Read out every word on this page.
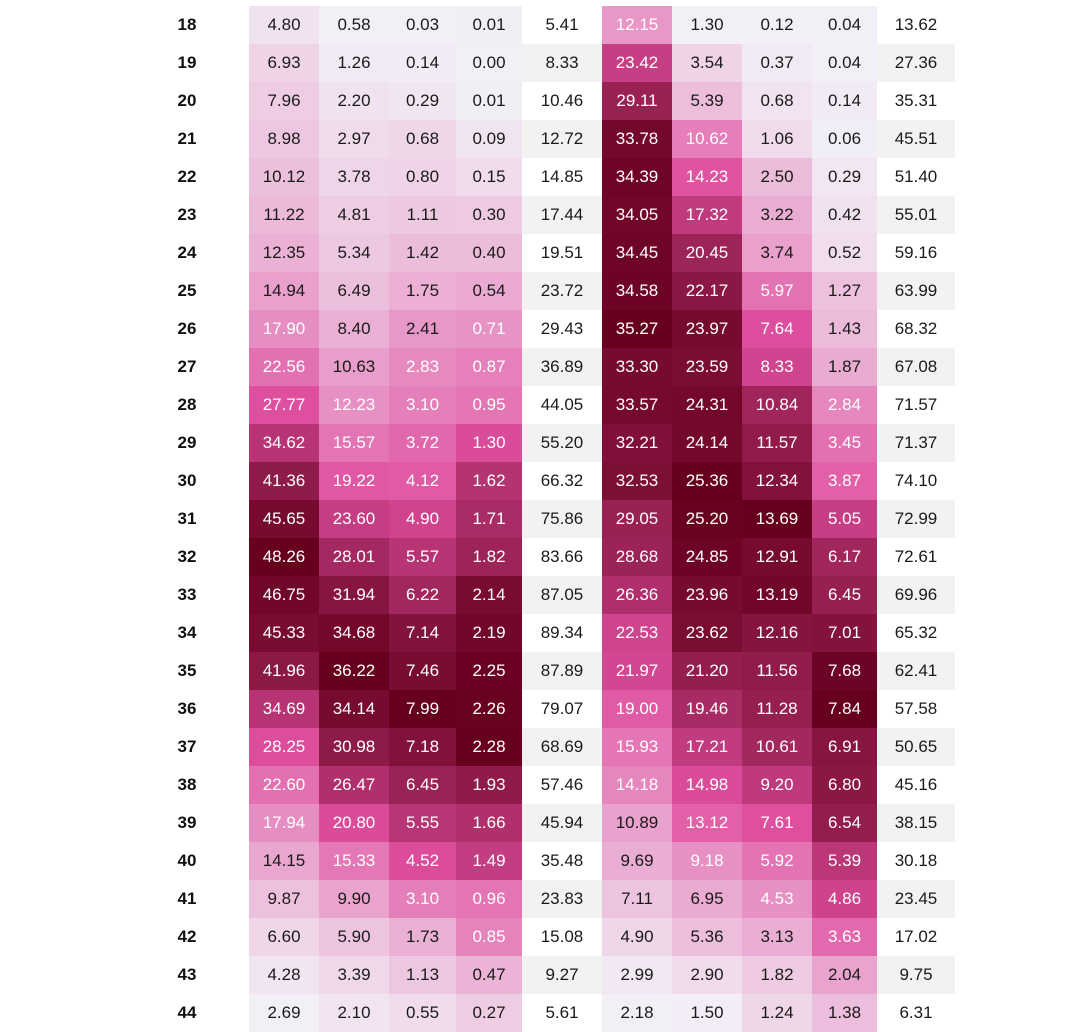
18	4.80	0.58	0.03	0.01	5.41	12.15	1.30	0.12	0.04	13.62
19	6.93	1.26	0.14	0.00	8.33	23.42	3.54	0.37	0.04	27.36
20	7.96	2.20	0.29	0.01	10.46	29.11	5.39	0.68	0.14	35.31
21	8.98	2.97	0.68	0.09	12.72	33.78	10.62	1.06	0.06	45.51
22	10.12	3.78	0.80	0.15	14.85	34.39	14.23	2.50	0.29	51.40
23	11.22	4.81	1.11	0.30	17.44	34.05	17.32	3.22	0.42	55.01
24	12.35	5.34	1.42	0.40	19.51	34.45	20.45	3.74	0.52	59.16
25	14.94	6.49	1.75	0.54	23.72	34.58	22.17	5.97	1.27	63.99
26	17.90	8.40	2.41	0.71	29.43	35.27	23.97	7.64	1.43	68.32
27	22.56	10.63	2.83	0.87	36.89	33.30	23.59	8.33	1.87	67.08
28	27.77	12.23	3.10	0.95	44.05	33.57	24.31	10.84	2.84	71.57
29	34.62	15.57	3.72	1.30	55.20	32.21	24.14	11.57	3.45	71.37
30	41.36	19.22	4.12	1.62	66.32	32.53	25.36	12.34	3.87	74.10
31	45.65	23.60	4.90	1.71	75.86	29.05	25.20	13.69	5.05	72.99
32	48.26	28.01	5.57	1.82	83.66	28.68	24.85	12.91	6.17	72.61
33	46.75	31.94	6.22	2.14	87.05	26.36	23.96	13.19	6.45	69.96
34	45.33	34.68	7.14	2.19	89.34	22.53	23.62	12.16	7.01	65.32
35	41.96	36.22	7.46	2.25	87.89	21.97	21.20	11.56	7.68	62.41
36	34.69	34.14	7.99	2.26	79.07	19.00	19.46	11.28	7.84	57.58
37	28.25	30.98	7.18	2.28	68.69	15.93	17.21	10.61	6.91	50.65
38	22.60	26.47	6.45	1.93	57.46	14.18	14.98	9.20	6.80	45.16
39	17.94	20.80	5.55	1.66	45.94	10.89	13.12	7.61	6.54	38.15
40	14.15	15.33	4.52	1.49	35.48	9.69	9.18	5.92	5.39	30.18
41	9.87	9.90	3.10	0.96	23.83	7.11	6.95	4.53	4.86	23.45
42	6.60	5.90	1.73	0.85	15.08	4.90	5.36	3.13	3.63	17.02
43	4.28	3.39	1.13	0.47	9.27	2.99	2.90	1.82	2.04	9.75
44	2.69	2.10	0.55	0.27	5.61	2.18	1.50	1.24	1.38	6.31
